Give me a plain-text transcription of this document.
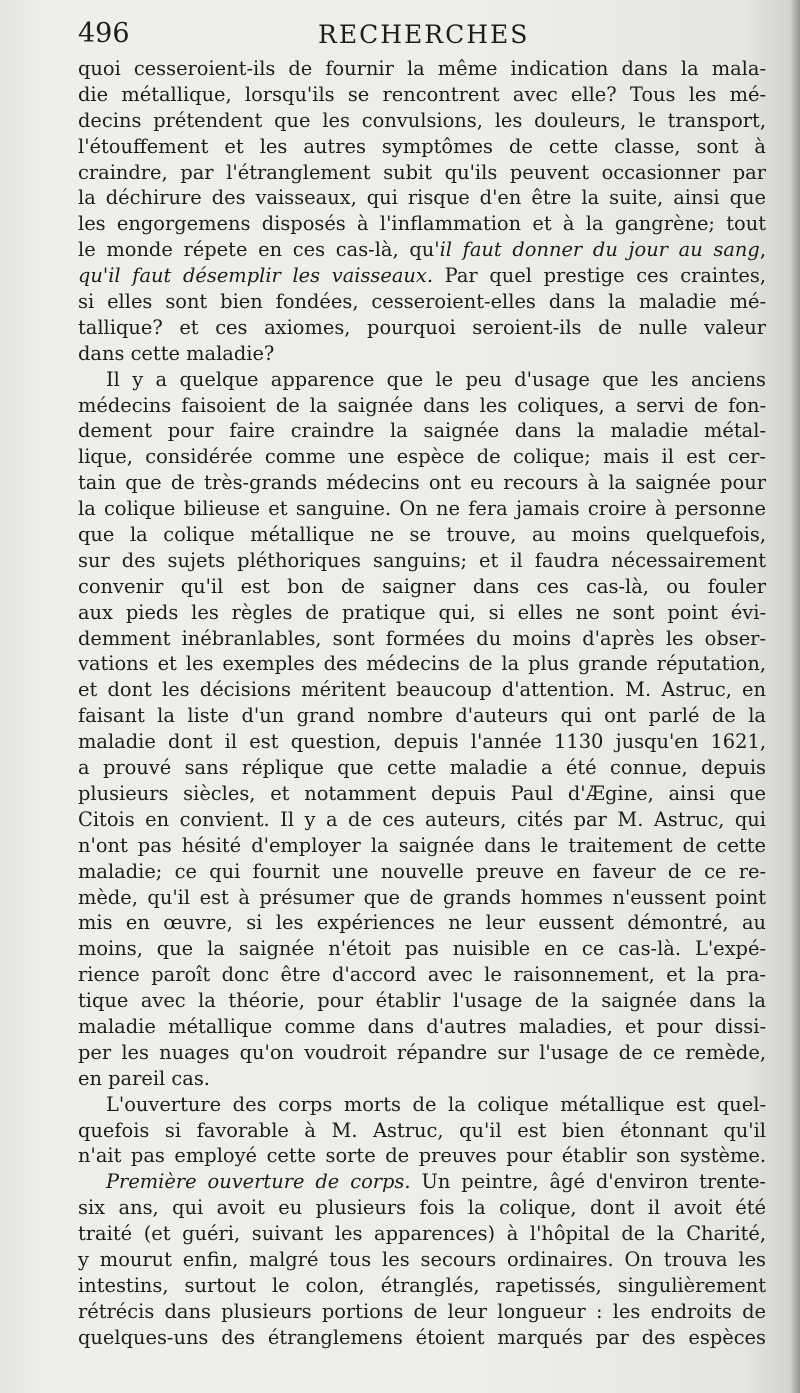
496	RECHERCHES
quoi cesseroient-ils de fournir la même indication dans la mala-
die métallique, lorsqu'ils se rencontrent avec elle? Tous les mé-
decins prétendent que les convulsions, les douleurs, le transport,
l'étouffement et les autres symptômes de cette classe, sont à
craindre, par l'étranglement subit qu'ils peuvent occasionner par
la déchirure des vaisseaux, qui risque d'en être la suite, ainsi que
les engorgemens disposés à l'inflammation et à la gangrène; tout
le monde répete en ces cas-là, qu'il faut donner du jour au sang,
qu'il faut désemplir les vaisseaux. Par quel prestige ces craintes,
si elles sont bien fondées, cesseroient-elles dans la maladie mé-
tallique? et ces axiomes, pourquoi seroient-ils de nulle valeur
dans cette maladie?
Il y a quelque apparence que le peu d'usage que les anciens
médecins faisoient de la saignée dans les coliques, a servi de fon-
dement pour faire craindre la saignée dans la maladie métal-
lique, considérée comme une espèce de colique; mais il est cer-
tain que de très-grands médecins ont eu recours à la saignée pour
la colique bilieuse et sanguine. On ne fera jamais croire à personne
que la colique métallique ne se trouve, au moins quelquefois,
sur des sujets pléthoriques sanguins; et il faudra nécessairement
convenir qu'il est bon de saigner dans ces cas-là, ou fouler
aux pieds les règles de pratique qui, si elles ne sont point évi-
demment inébranlables, sont formées du moins d'après les obser-
vations et les exemples des médecins de la plus grande réputation,
et dont les décisions méritent beaucoup d'attention. M. Astruc, en
faisant la liste d'un grand nombre d'auteurs qui ont parlé de la
maladie dont il est question, depuis l'année 1130 jusqu'en 1621,
a prouvé sans réplique que cette maladie a été connue, depuis
plusieurs siècles, et notamment depuis Paul d'Ægine, ainsi que
Citois en convient. Il y a de ces auteurs, cités par M. Astruc, qui
n'ont pas hésité d'employer la saignée dans le traitement de cette
maladie; ce qui fournit une nouvelle preuve en faveur de ce re-
mède, qu'il est à présumer que de grands hommes n'eussent point
mis en œuvre, si les expériences ne leur eussent démontré, au
moins, que la saignée n'étoit pas nuisible en ce cas-là. L'expé-
rience paroît donc être d'accord avec le raisonnement, et la pra-
tique avec la théorie, pour établir l'usage de la saignée dans la
maladie métallique comme dans d'autres maladies, et pour dissi-
per les nuages qu'on voudroit répandre sur l'usage de ce remède,
en pareil cas.
L'ouverture des corps morts de la colique métallique est quel-
quefois si favorable à M. Astruc, qu'il est bien étonnant qu'il
n'ait pas employé cette sorte de preuves pour établir son système.
Première ouverture de corps. Un peintre, âgé d'environ trente-
six ans, qui avoit eu plusieurs fois la colique, dont il avoit été
traité (et guéri, suivant les apparences) à l'hôpital de la Charité,
y mourut enfin, malgré tous les secours ordinaires. On trouva les
intestins, surtout le colon, étranglés, rapetissés, singulièrement
rétrécis dans plusieurs portions de leur longueur : les endroits de
quelques-uns des étranglemens étoient marqués par des espèces
